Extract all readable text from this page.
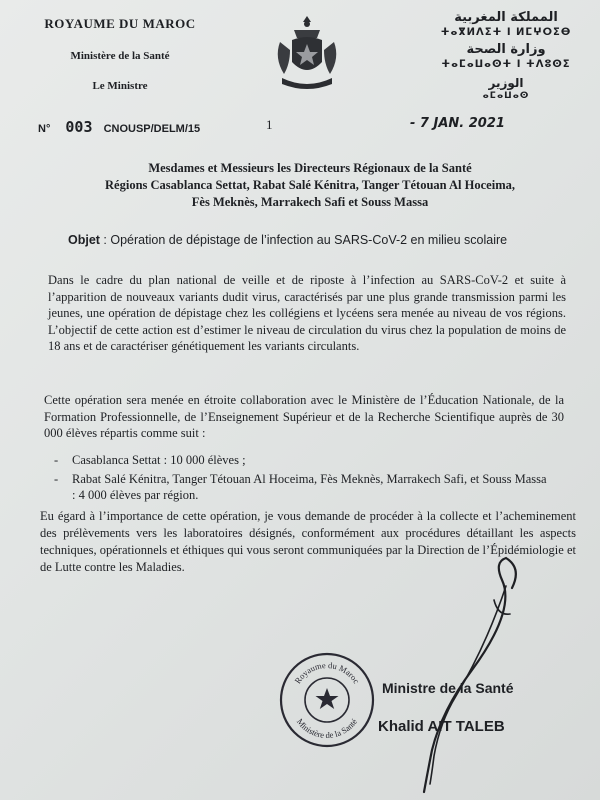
ROYAUME DU MAROC
Ministère de la Santé
Le Ministre
المملكة المغربية
ⵜⴰⴳⵍⴷⵉⵜ ⵏ ⵍⵎⵖⵔⵉⴱ
وزارة الصحة
ⵜⴰⵎⴰⵡⴰⵙⵜ ⵏ ⵜⴷⵓⵙⵉ
الوزير
ⴰⵎⴰⵡⴰⵙ
N° 003 CNOUSP/DELM/15	1	- 7 JAN. 2021
Mesdames et Messieurs les Directeurs Régionaux de la Santé
Régions Casablanca Settat, Rabat Salé Kénitra, Tanger Tétouan Al Hoceima,
Fès Meknès, Marrakech Safi et Souss Massa
Objet : Opération de dépistage de l’infection au SARS-CoV-2 en milieu scolaire
Dans le cadre du plan national de veille et de riposte à l’infection au SARS-CoV-2 et suite à l’apparition de nouveaux variants dudit virus, caractérisés par une plus grande transmission parmi les jeunes, une opération de dépistage chez les collégiens et lycéens sera menée au niveau de vos régions. L’objectif de cette action est d’estimer le niveau de circulation du virus chez la population de moins de 18 ans et de caractériser génétiquement les variants circulants.
Cette opération sera menée en étroite collaboration avec le Ministère de l’Éducation Nationale, de la Formation Professionnelle, de l’Enseignement Supérieur et de la Recherche Scientifique auprès de 30 000 élèves répartis comme suit :
- Casablanca Settat : 10 000 élèves ;
- Rabat Salé Kénitra, Tanger Tétouan Al Hoceima, Fès Meknès, Marrakech Safi, et Souss Massa : 4 000 élèves par région.
Eu égard à l’importance de cette opération, je vous demande de procéder à la collecte et l’acheminement des prélèvements vers les laboratoires désignés, conformément aux procédures détaillant les aspects techniques, opérationnels et éthiques qui vous seront communiquées par la Direction de l’Épidémiologie et de Lutte contre les Maladies.
Royaume du Maroc
Ministère de la Santé
Ministre de la Santé
Khalid AIT TALEB
